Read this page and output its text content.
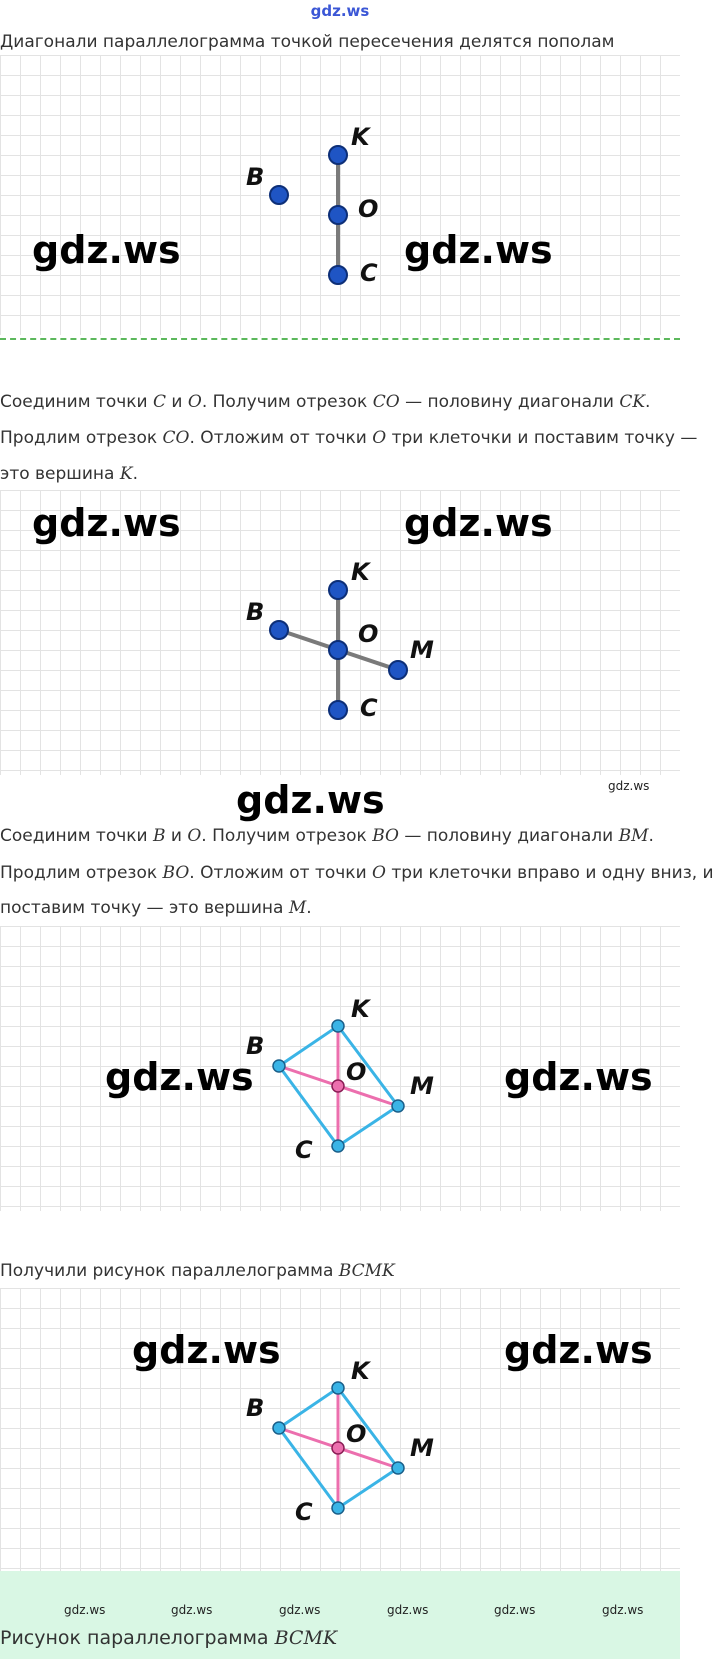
gdz.ws
Диагонали параллелограмма точкой пересечения делятся пополам
gdz.ws	gdz.ws
B
K
O
C
Соединим точки C и O. Получим отрезок CO — половину диагонали CK.
Продлим отрезок CO. Отложим от точки O три клеточки и поставим точку —
это вершина K.
gdz.ws	gdz.ws
B
K
O
M
C
gdz.ws	gdz.ws
Соединим точки B и O. Получим отрезок BO — половину диагонали BM.
Продлим отрезок BO. Отложим от точки O три клеточки вправо и одну вниз, и
поставим точку — это вершина M.
gdz.ws	gdz.ws
B
K
O M
C
Получили рисунок параллелограмма BCMK
gdz.ws	gdz.ws
B
K
O M
C
gdz.ws	gdz.ws	gdz.ws	gdz.ws	gdz.ws	gdz.ws
Рисунок параллелограмма BCMK
